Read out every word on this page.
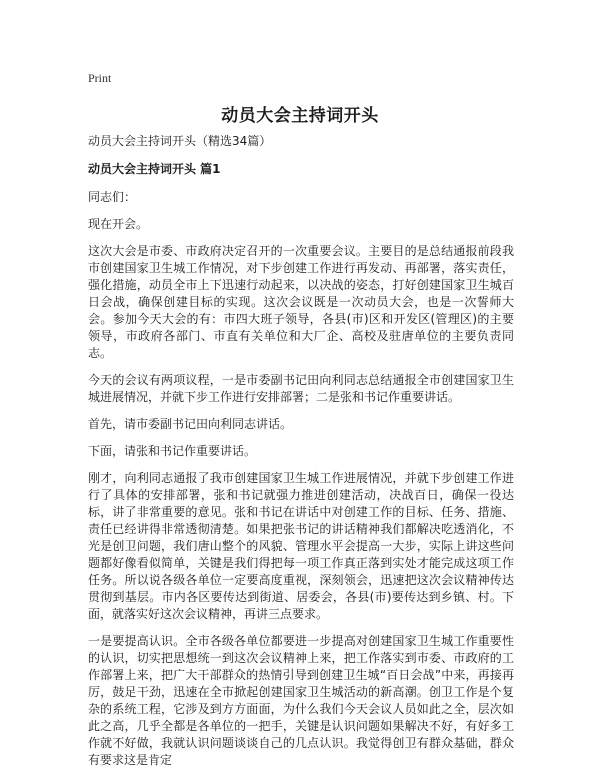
Print
动员大会主持词开头

动员大会主持词开头（精选34篇）

动员大会主持词开头 篇1

同志们：

现在开会。

这次大会是市委、市政府决定召开的一次重要会议。主要目的是总结通报前段我市创建国家卫生城工作情况，对下步创建工作进行再发动、再部署，落实责任，强化措施，动员全市上下迅速行动起来，以决战的姿态，打好创建国家卫生城百日会战，确保创建目标的实现。这次会议既是一次动员大会，也是一次誓师大会。参加今天大会的有：市四大班子领导，各县(市)区和开发区(管理区)的主要领导，市政府各部门、市直有关单位和大厂企、高校及驻唐单位的主要负责同志。

今天的会议有两项议程，一是市委副书记田向利同志总结通报全市创建国家卫生城进展情况，并就下步工作进行安排部署；二是张和书记作重要讲话。

首先，请市委副书记田向利同志讲话。

下面，请张和书记作重要讲话。

刚才，向利同志通报了我市创建国家卫生城工作进展情况，并就下步创建工作进行了具体的安排部署，张和书记就强力推进创建活动，决战百日，确保一役达标，讲了非常重要的意见。张和书记在讲话中对创建工作的目标、任务、措施、责任已经讲得非常透彻清楚。如果把张书记的讲话精神我们都解决吃透消化，不光是创卫问题，我们唐山整个的风貌、管理水平会提高一大步，实际上讲这些问题都好像看似简单，关键是我们得把每一项工作真正落到实处才能完成这项工作任务。所以说各级各单位一定要高度重视，深刻领会，迅速把这次会议精神传达贯彻到基层。市内各区要传达到街道、居委会，各县(市)要传达到乡镇、村。下面，就落实好这次会议精神，再讲三点要求。

一是要提高认识。全市各级各单位都要进一步提高对创建国家卫生城工作重要性的认识，切实把思想统一到这次会议精神上来，把工作落实到市委、市政府的工作部署上来，把广大干部群众的热情引导到创建卫生城“百日会战”中来，再接再厉，鼓足干劲，迅速在全市掀起创建国家卫生城活动的新高潮。创卫工作是个复杂的系统工程，它涉及到方方面面，为什么我们今天会议人员如此之全，层次如此之高，几乎全都是各单位的一把手，关键是认识问题如果解决不好，有好多工作就不好做，我就认识问题谈谈自己的几点认识。我觉得创卫有群众基础，群众有要求这是肯定
